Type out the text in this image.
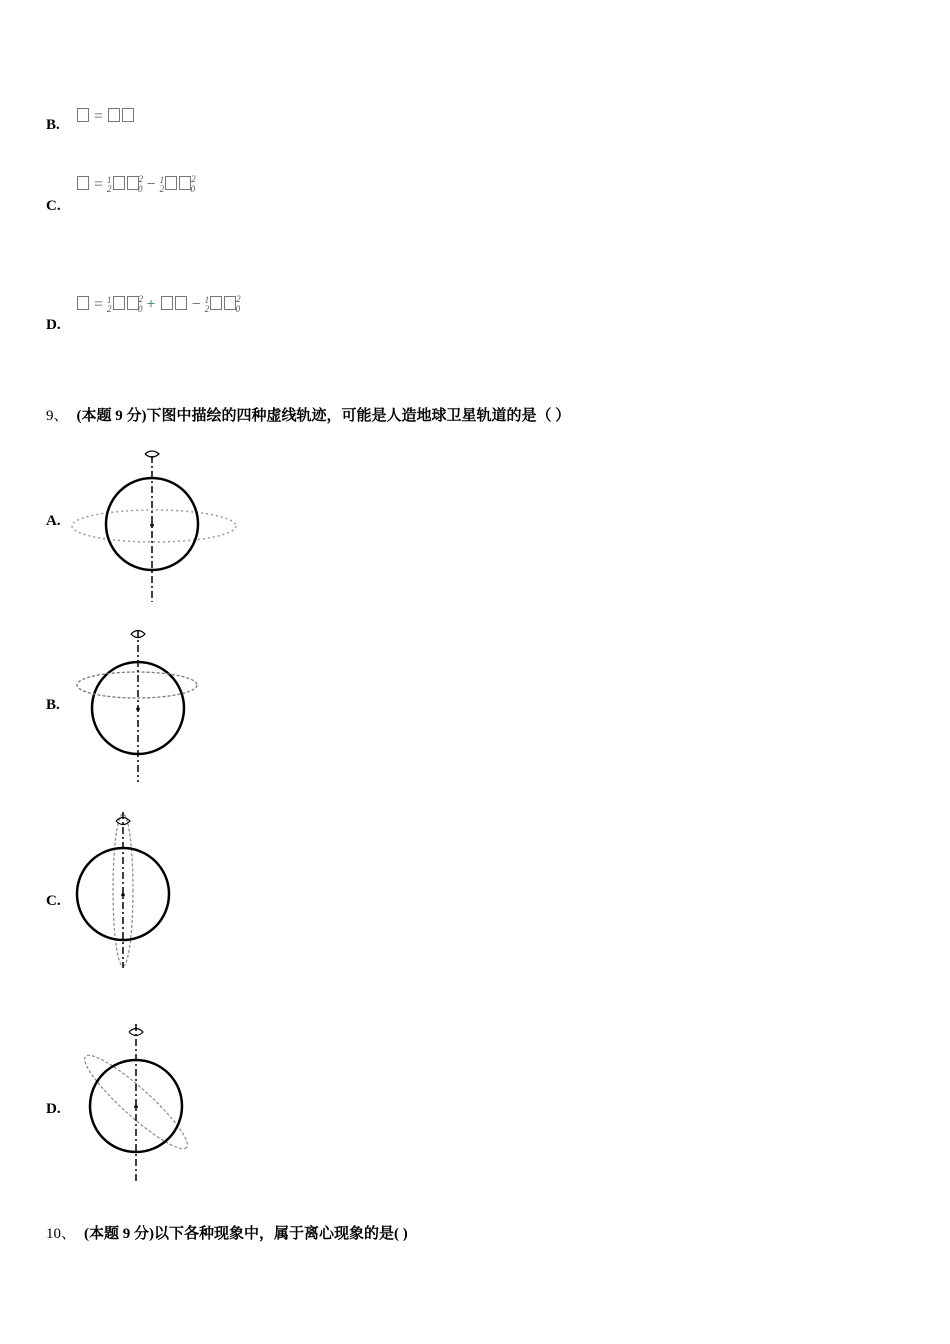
B.	=
C.
= 1
$2^2_0 - 1$
$2^2_0$
D.
= 1
$2^2_0$ + − 1
$2^2_0$
9、 (本题 9 分)下图中描绘的四种虚线轨迹，可能是人造地球卫星轨道的是（ ）
A.
B.
C.
D.
10、 (本题 9 分)以下各种现象中，属于离心现象的是( )
